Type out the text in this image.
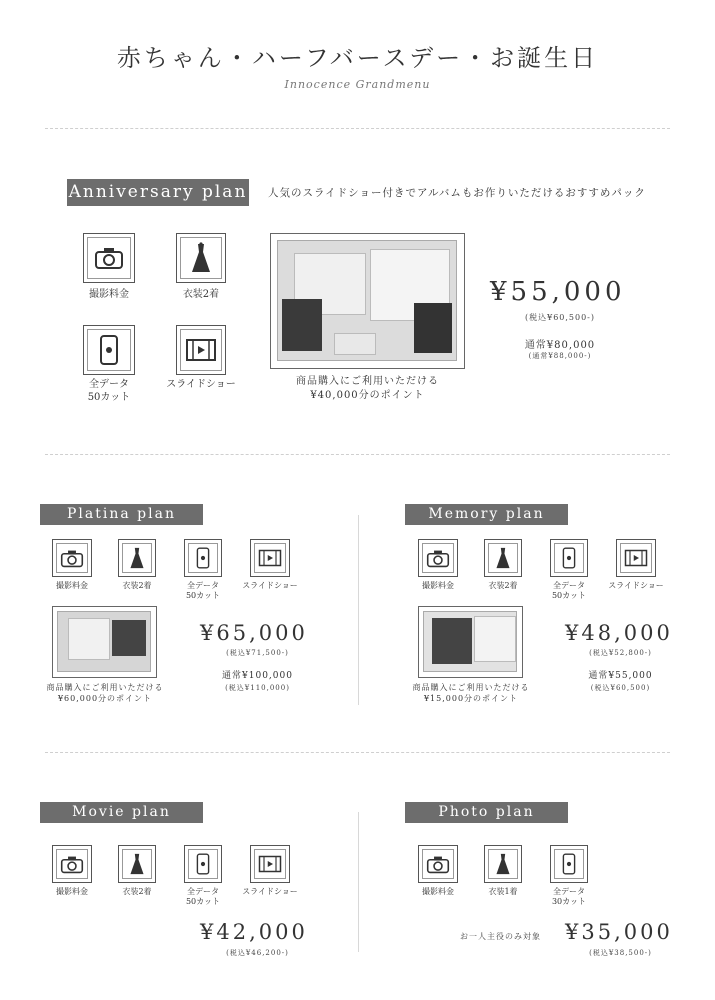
赤ちゃん・ハーフバースデー・お誕生日
Innocence Grandmenu
Anniversary plan 人気のスライドショー付きでアルバムもお作りいただけるおすすめパック
撮影料金	衣装2着
全データ
50カット
スライドショー	商品購入にご利用いただける
¥40,000分のポイント
¥55,000
(税込¥60,500-)
通常¥80,000
(通常¥88,000-)
Platina plan
撮影料金	衣装2着	全データ
50カット
スライドショー
商品購入にご利用いただける
¥60,000分のポイント
¥65,000
(税込¥71,500-)
通常¥100,000
(税込¥110,000)
Memory plan
撮影料金	衣装2着	全データ
50カット
スライドショー
商品購入にご利用いただける
¥15,000分のポイント
¥48,000
(税込¥52,800-)
通常¥55,000
(税込¥60,500)
Movie plan
撮影料金	衣装2着	全データ
50カット
スライドショー
¥42,000
(税込¥46,200-)
Photo plan
撮影料金	衣装1着	全データ
30カット
お一人主役のみ対象	¥35,000
(税込¥38,500-)
